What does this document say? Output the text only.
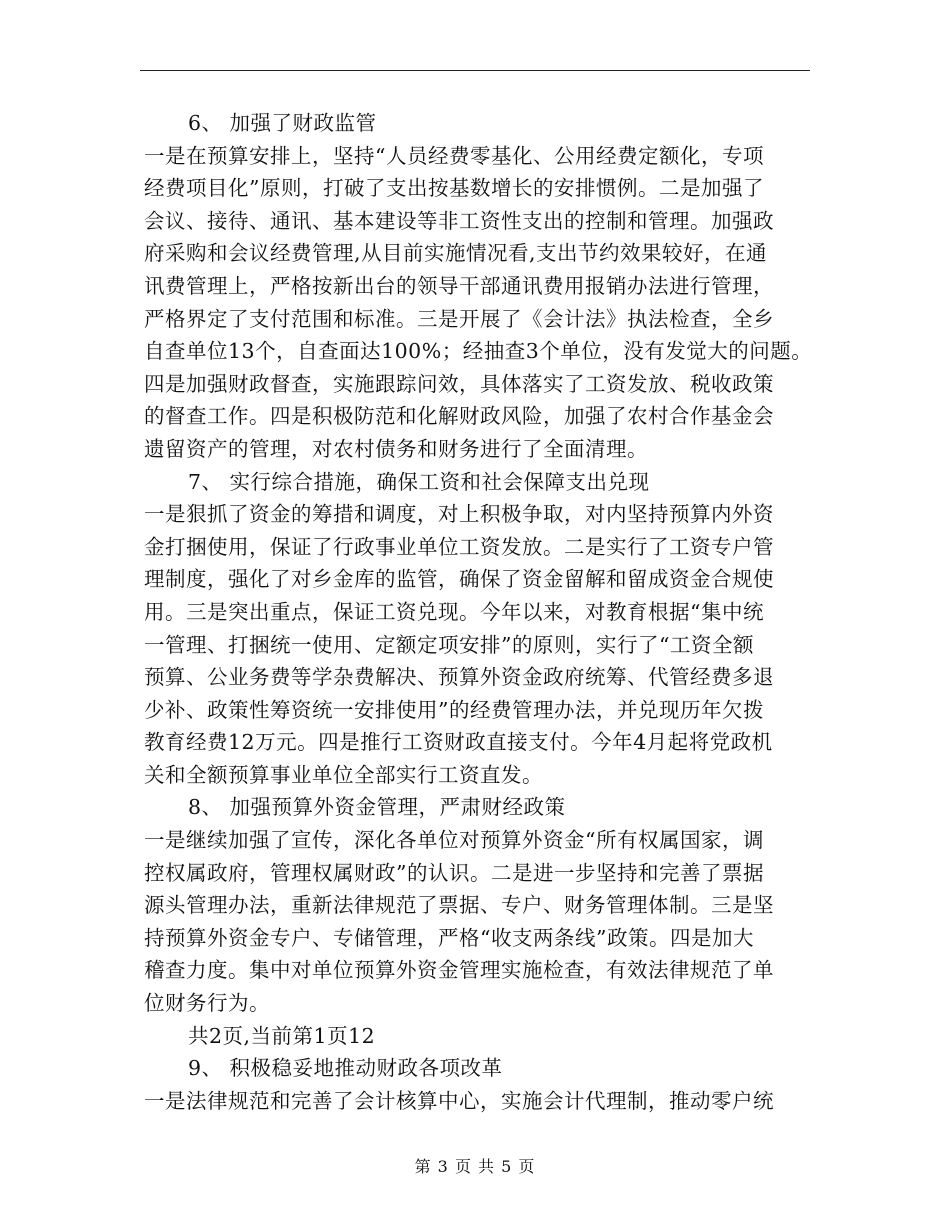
6、 加强了财政监管
一是在预算安排上，坚持“人员经费零基化、公用经费定额化，专项
经费项目化”原则，打破了支出按基数增长的安排惯例。二是加强了
会议、接待、通讯、基本建设等非工资性支出的控制和管理。加强政
府采购和会议经费管理,从目前实施情况看,支出节约效果较好，在通
讯费管理上，严格按新出台的领导干部通讯费用报销办法进行管理，
严格界定了支付范围和标准。三是开展了《会计法》执法检查，全乡
自查单位13个，自查面达100%；经抽查3个单位，没有发觉大的问题。
四是加强财政督查，实施跟踪问效，具体落实了工资发放、税收政策
的督查工作。四是积极防范和化解财政风险，加强了农村合作基金会
遗留资产的管理，对农村债务和财务进行了全面清理。
7、 实行综合措施，确保工资和社会保障支出兑现
一是狠抓了资金的筹措和调度，对上积极争取，对内坚持预算内外资
金打捆使用，保证了行政事业单位工资发放。二是实行了工资专户管
理制度，强化了对乡金库的监管，确保了资金留解和留成资金合规使
用。三是突出重点，保证工资兑现。今年以来，对教育根据“集中统
一管理、打捆统一使用、定额定项安排”的原则，实行了“工资全额
预算、公业务费等学杂费解决、预算外资金政府统筹、代管经费多退
少补、政策性筹资统一安排使用”的经费管理办法，并兑现历年欠拨
教育经费12万元。四是推行工资财政直接支付。今年4月起将党政机
关和全额预算事业单位全部实行工资直发。
8、 加强预算外资金管理，严肃财经政策
一是继续加强了宣传，深化各单位对预算外资金“所有权属国家，调
控权属政府，管理权属财政”的认识。二是进一步坚持和完善了票据
源头管理办法，重新法律规范了票据、专户、财务管理体制。三是坚
持预算外资金专户、专储管理，严格“收支两条线”政策。四是加大
稽查力度。集中对单位预算外资金管理实施检查，有效法律规范了单
位财务行为。
共2页,当前第1页12
9、 积极稳妥地推动财政各项改革
一是法律规范和完善了会计核算中心，实施会计代理制，推动零户统
第 3 页 共 5 页
